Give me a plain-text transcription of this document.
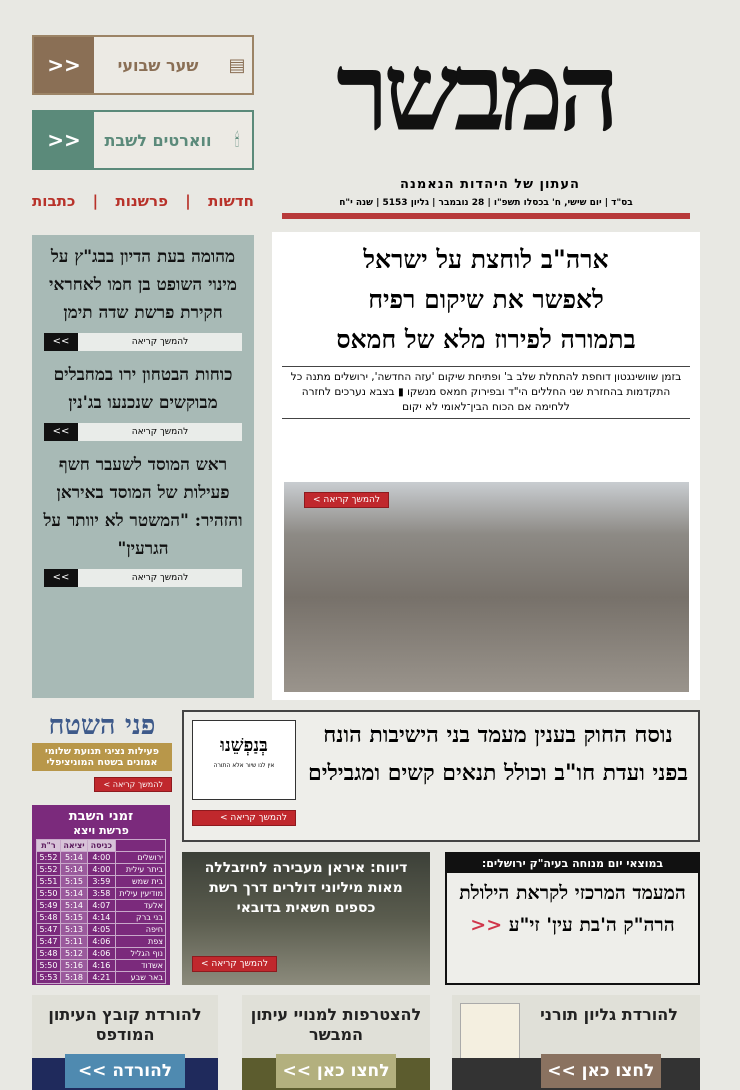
▤
שער שבועי
<<
🕯
ווארטים לשבת
<<
חדשות
|
פרשנות
|
כתבות
המבשר
העתון של היהדות הנאמנה
בס"ד | יום שישי, ח' בכסלו תשפ"ו | 28 נובמבר | גליון 5153 | שנה י"ח
ארה"ב לוחצת על ישראל
לאפשר את שיקום רפיח
בתמורה לפירוז מלא של חמאס
בזמן שוושינגטון דוחפת להתחלת שלב ב' ופתיחת שיקום 'עזה החדשה', ירושלים מתנה כל התקדמות בהחזרת שני החללים הי"ד ובפירוק חמאס מנשקו ▮ בצבא נערכים לחזרה ללחימה אם הכוח הבין־לאומי לא יקום
להמשך קריאה >
מהומה בעת הדיון בבג"ץ על מינוי השופט בן חמו לאחראי חקירת פרשת שדה תימן
להמשך קריאה
>>
כוחות הבטחון ירו במחבלים מבוקשים שנכנעו בג'נין
להמשך קריאה
>>
ראש המוסד לשעבר חשף פעילות של המוסד באיראן והזהיר: "המשטר לא יוותר על הגרעין"
להמשך קריאה
>>
פני השטח
פעילות נציגי תנועת שלומי אמונים בשטח המוניציפלי
להמשך קריאה >
בְּנַפְשֵׁנוּ
אין לנו שיור אלא התורה
להמשך קריאה >
נוסח החוק בענין מעמד בני הישיבות הונח בפני ועדת חו"ב וכולל תנאים קשים ומגבילים
זמני השבת
פרשת ויצא
	כניסה	יציאה	ר"ת
ירושלים	4:00	5:14	5:52
ביתר עילית	4:00	5:14	5:52
בית שמש	3:59	5:15	5:51
מודיעין עילית	3:58	5:14	5:50
אלעד	4:07	5:14	5:49
בני ברק	4:14	5:15	5:48
חיפה	4:05	5:13	5:47
צפת	4:06	5:11	5:47
נוף הגליל	4:06	5:12	5:48
אשדוד	4:16	5:16	5:50
באר שבע	4:21	5:18	5:53
דיווח: איראן מעבירה לחיזבללה מאות מיליוני דולרים דרך רשת כספים חשאית בדובאי
להמשך קריאה >
במוצאי יום מנוחה בעיה"ק ירושלים:
המעמד המרכזי לקראת הילולת הרה"ק ה'בת עין' זי"ע <<
להורדת גליון תורני
לחצו כאן >>
להצטרפות למנויי עיתון המבשר
לחצו כאן >>
להורדת קובץ העיתון המודפס
להורדה >>
